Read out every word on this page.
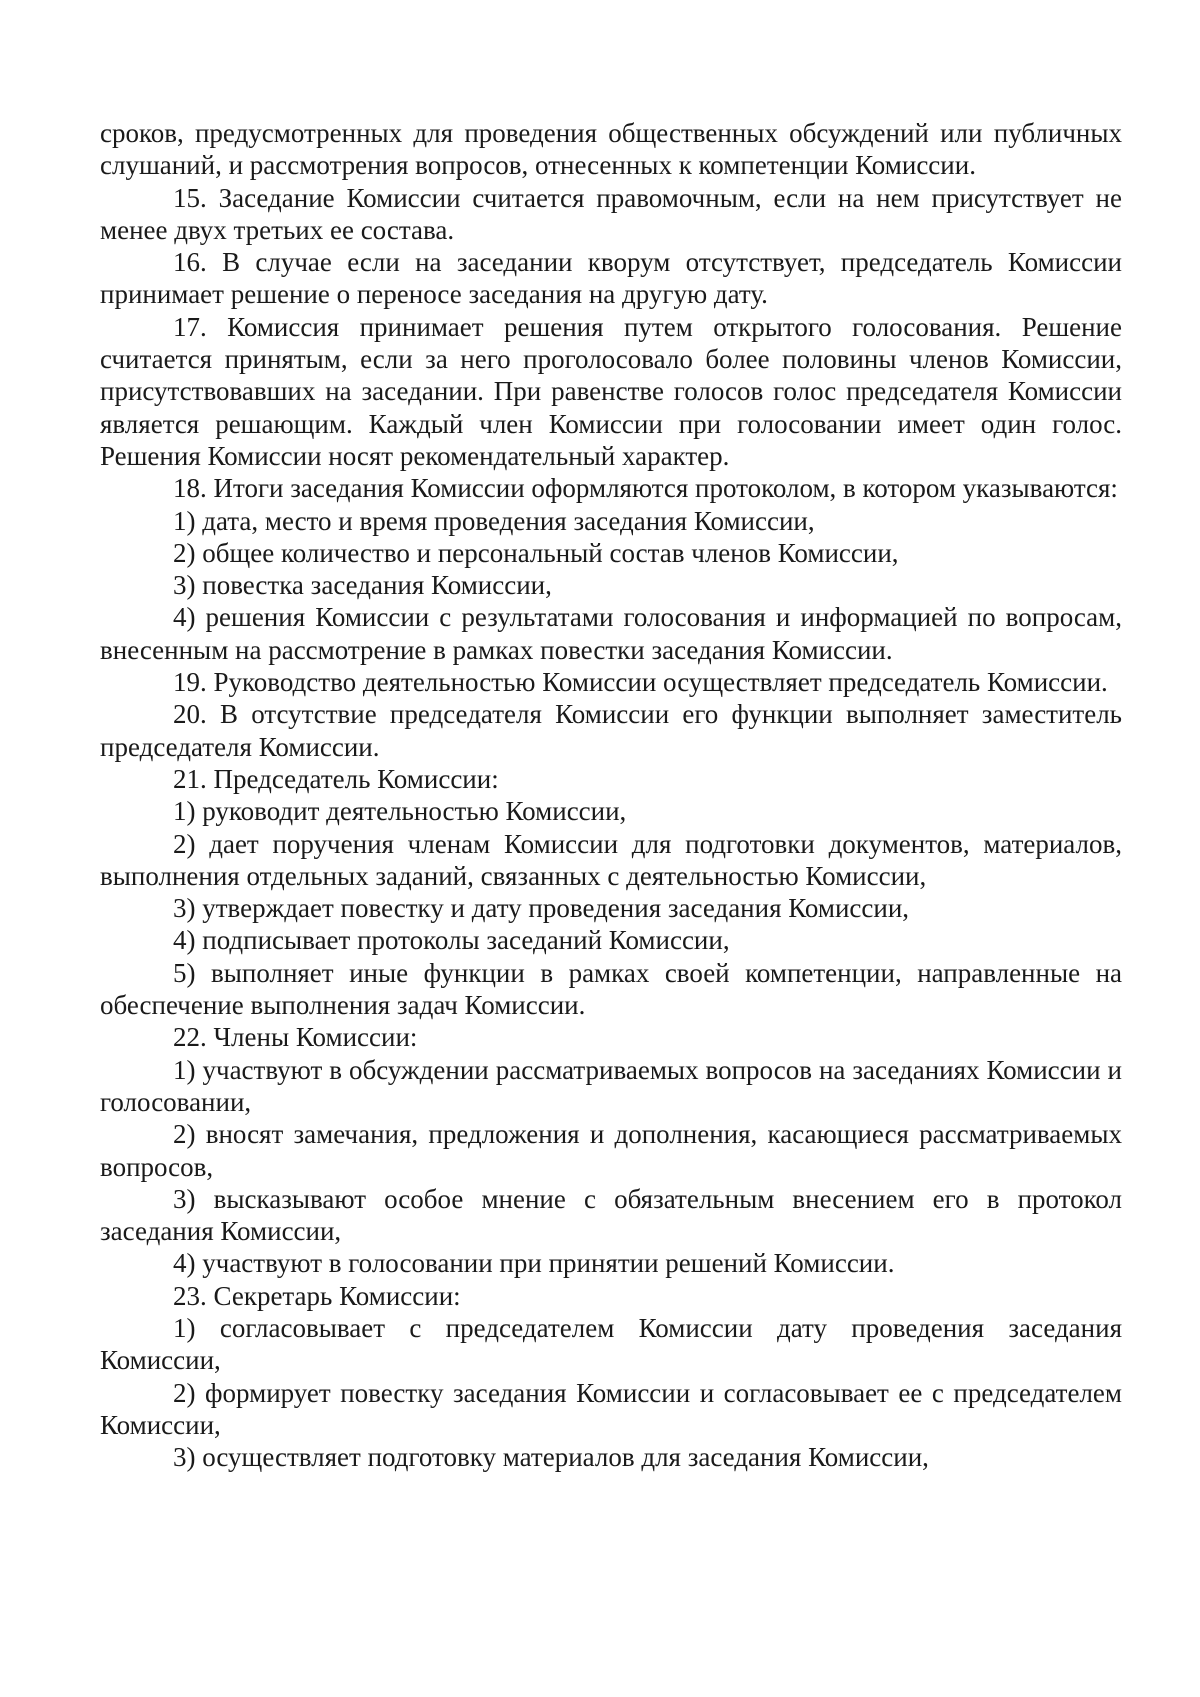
сроков, предусмотренных для проведения общественных обсуждений или публичных слушаний, и рассмотрения вопросов, отнесенных к компетенции Комиссии.

15. Заседание Комиссии считается правомочным, если на нем присутствует не менее двух третьих ее состава.

16. В случае если на заседании кворум отсутствует, председатель Комиссии принимает решение о переносе заседания на другую дату.

17. Комиссия принимает решения путем открытого голосования. Решение считается принятым, если за него проголосовало более половины членов Комиссии, присутствовавших на заседании. При равенстве голосов голос председателя Комиссии является решающим. Каждый член Комиссии при голосовании имеет один голос. Решения Комиссии носят рекомендательный характер.

18. Итоги заседания Комиссии оформляются протоколом, в котором указываются:

1) дата, место и время проведения заседания Комиссии,

2) общее количество и персональный состав членов Комиссии,

3) повестка заседания Комиссии,

4) решения Комиссии с результатами голосования и информацией по вопросам, внесенным на рассмотрение в рамках повестки заседания Комиссии.

19. Руководство деятельностью Комиссии осуществляет председатель Комиссии.

20. В отсутствие председателя Комиссии его функции выполняет заместитель председателя Комиссии.

21. Председатель Комиссии:

1) руководит деятельностью Комиссии,

2) дает поручения членам Комиссии для подготовки документов, материалов, выполнения отдельных заданий, связанных с деятельностью Комиссии,

3) утверждает повестку и дату проведения заседания Комиссии,

4) подписывает протоколы заседаний Комиссии,

5) выполняет иные функции в рамках своей компетенции, направленные на обеспечение выполнения задач Комиссии.

22. Члены Комиссии:

1) участвуют в обсуждении рассматриваемых вопросов на заседаниях Комиссии и голосовании,

2) вносят замечания, предложения и дополнения, касающиеся рассматриваемых вопросов,

3) высказывают особое мнение с обязательным внесением его в протокол заседания Комиссии,

4) участвуют в голосовании при принятии решений Комиссии.

23. Секретарь Комиссии:

1) согласовывает с председателем Комиссии дату проведения заседания Комиссии,

2) формирует повестку заседания Комиссии и согласовывает ее с председателем Комиссии,

3) осуществляет подготовку материалов для заседания Комиссии,
